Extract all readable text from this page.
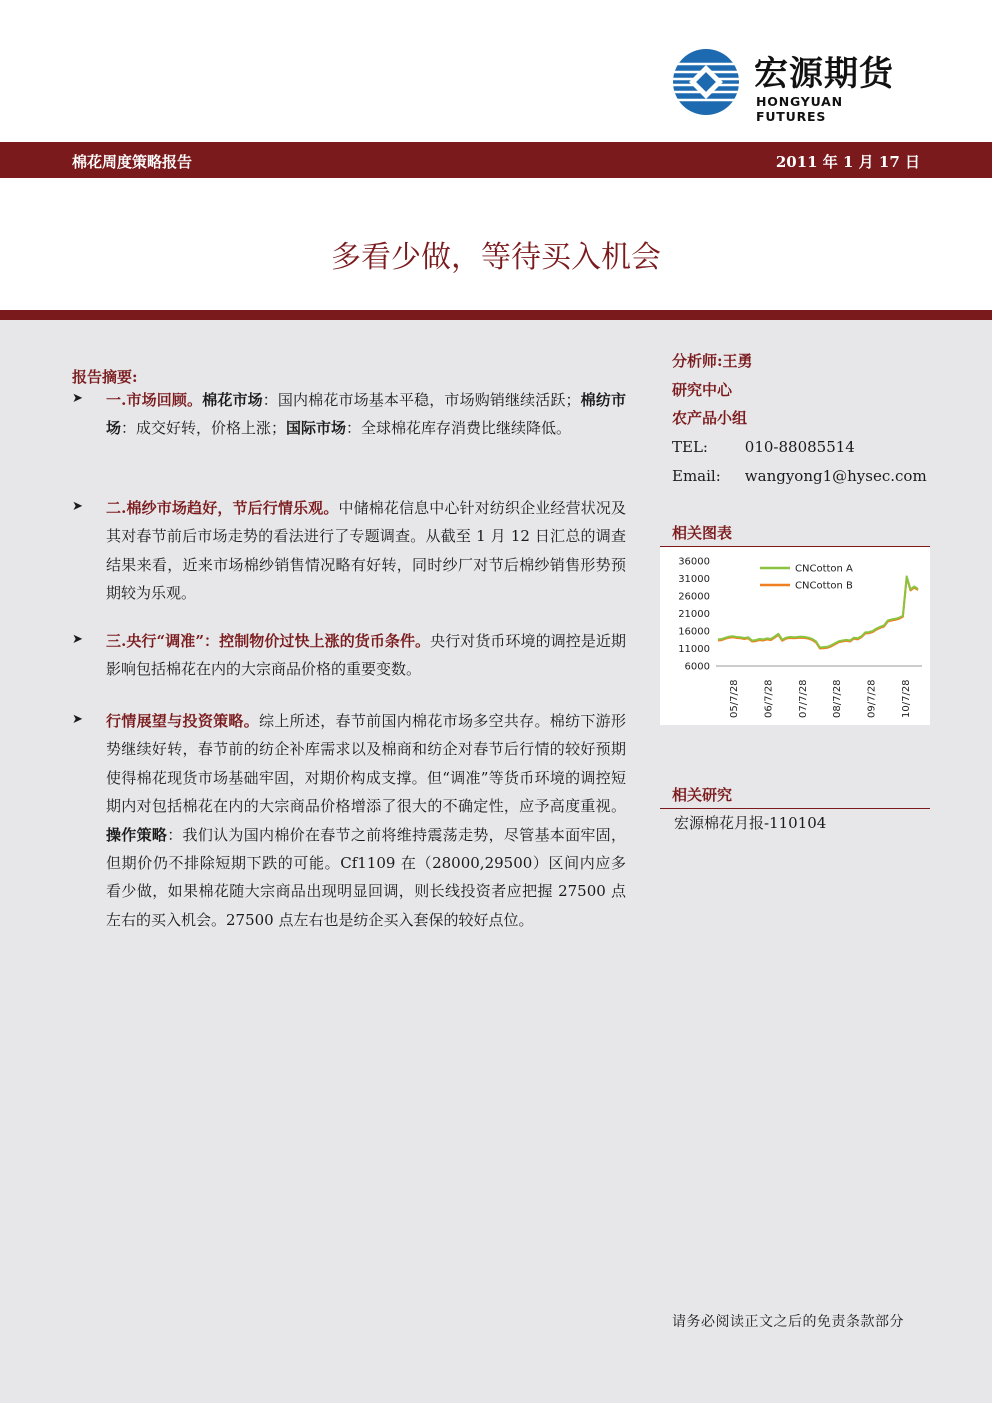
宏源期货
HONGYUAN FUTURES
棉花周度策略报告	2011 年 1 月 17 日
多看少做，等待买入机会
报告摘要:
➤ 一.市场回顾。棉花市场：国内棉花市场基本平稳，市场购销继续活跃；棉纺市场：成交好转，价格上涨；国际市场：全球棉花库存消费比继续降低。
➤ 二.棉纱市场趋好，节后行情乐观。中储棉花信息中心针对纺织企业经营状况及其对春节前后市场走势的看法进行了专题调查。从截至 1 月 12 日汇总的调查结果来看，近来市场棉纱销售情况略有好转，同时纱厂对节后棉纱销售形势预期较为乐观。
➤ 三.央行“调准”：控制物价过快上涨的货币条件。央行对货币环境的调控是近期影响包括棉花在内的大宗商品价格的重要变数。
➤ 行情展望与投资策略。综上所述，春节前国内棉花市场多空共存。棉纺下游形势继续好转，春节前的纺企补库需求以及棉商和纺企对春节后行情的较好预期使得棉花现货市场基础牢固，对期价构成支撑。但“调准”等货币环境的调控短期内对包括棉花在内的大宗商品价格增添了很大的不确定性，应予高度重视。操作策略：我们认为国内棉价在春节之前将维持震荡走势，尽管基本面牢固，但期价仍不排除短期下跌的可能。Cf1109 在（28000,29500）区间内应多看少做，如果棉花随大宗商品出现明显回调，则长线投资者应把握 27500 点左右的买入机会。27500 点左右也是纺企买入套保的较好点位。
分析师:王勇
研究中心
农产品小组
TEL: 010-88085514
Email: wangyong1@hysec.com
相关图表
6000
11000
16000
21000
26000
31000
36000
05/7/28 06/7/28 07/7/28 08/7/28 09/7/28 10/7/28
CNCotton A
CNCotton B
相关研究
宏源棉花月报-110104
请务必阅读正文之后的免责条款部分
